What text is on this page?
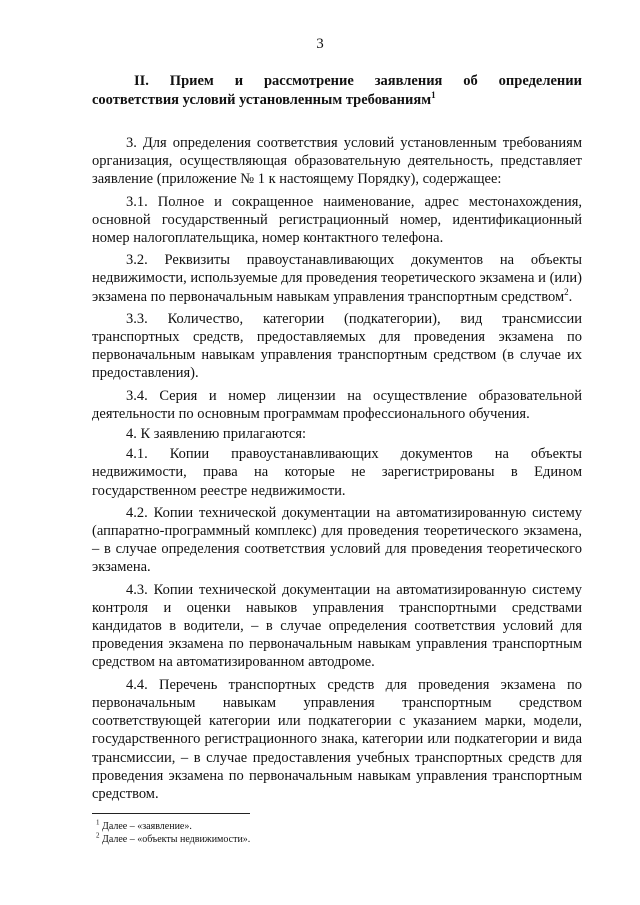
3
II. Прием и рассмотрение заявления об определении
соответствия условий установленным требованиям$^1$

3. Для определения соответствия условий установленным требованиям организация, осуществляющая образовательную деятельность, представляет заявление (приложение № 1 к настоящему Порядку), содержащее:

3.1. Полное и сокращенное наименование, адрес местонахождения, основной государственный регистрационный номер, идентификационный номер налогоплательщика, номер контактного телефона.

3.2. Реквизиты правоустанавливающих документов на объекты недвижимости, используемые для проведения теоретического экзамена и (или) экзамена по первоначальным навыкам управления транспортным средством$^2$.

3.3. Количество, категории (подкатегории), вид трансмиссии транспортных средств, предоставляемых для проведения экзамена по первоначальным навыкам управления транспортным средством (в случае их предоставления).

3.4. Серия и номер лицензии на осуществление образовательной деятельности по основным программам профессионального обучения.

4. К заявлению прилагаются:

4.1. Копии правоустанавливающих документов на объекты недвижимости, права на которые не зарегистрированы в Едином государственном реестре недвижимости.

4.2. Копии технической документации на автоматизированную систему (аппаратно-программный комплекс) для проведения теоретического экзамена, – в случае определения соответствия условий для проведения теоретического экзамена.

4.3. Копии технической документации на автоматизированную систему контроля и оценки навыков управления транспортными средствами кандидатов в водители, – в случае определения соответствия условий для проведения экзамена по первоначальным навыкам управления транспортным средством на автоматизированном автодроме.

4.4. Перечень транспортных средств для проведения экзамена по первоначальным навыкам управления транспортным средством соответствующей категории или подкатегории с указанием марки, модели, государственного регистрационного знака, категории или подкатегории и вида трансмиссии, – в случае предоставления учебных транспортных средств для проведения экзамена по первоначальным навыкам управления транспортным средством.

$^1$ Далее – «заявление».
$^2$ Далее – «объекты недвижимости».
